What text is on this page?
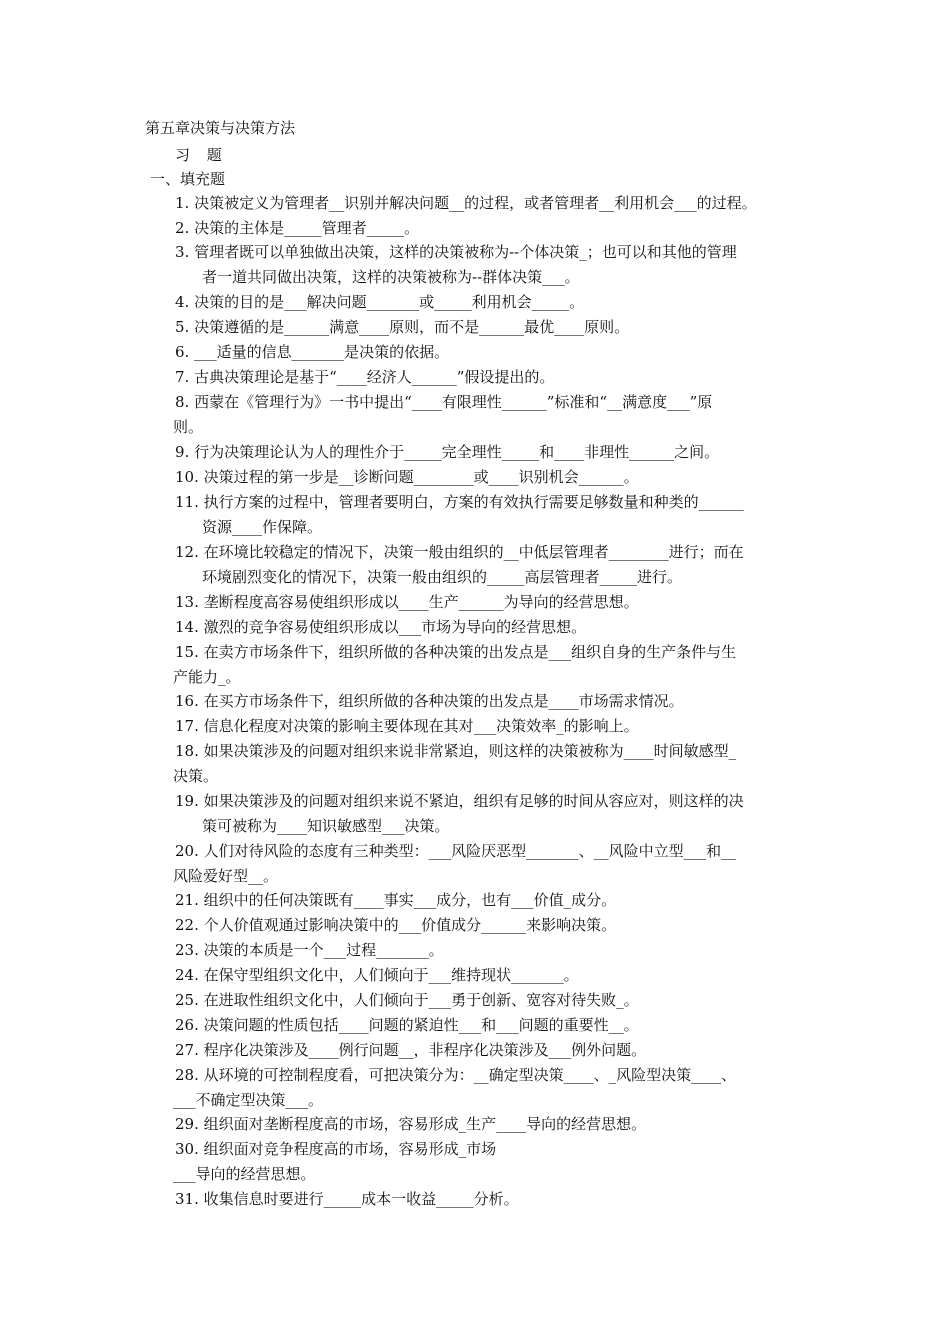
第五章决策与决策方法
习 题
一、填充题
1. 决策被定义为管理者__识别并解决问题__的过程，或者管理者__利用机会___的过程。
2. 决策的主体是_____管理者_____。
3. 管理者既可以单独做出决策，这样的决策被称为--个体决策_；也可以和其他的管理
者一道共同做出决策，这样的决策被称为--群体决策___。
4. 决策的目的是___解决问题_______或_____利用机会_____。
5. 决策遵循的是______满意____原则，而不是______最优____原则。
6. ___适量的信息_______是决策的依据。
7. 古典决策理论是基于“____经济人______”假设提出的。
8. 西蒙在《管理行为》一书中提出“____有限理性______”标准和“__满意度___”原
则。
9. 行为决策理论认为人的理性介于_____完全理性_____和____非理性______之间。
10. 决策过程的第一步是__诊断问题________或____识别机会______。
11. 执行方案的过程中，管理者要明白，方案的有效执行需要足够数量和种类的______
资源____作保障。
12. 在环境比较稳定的情况下，决策一般由组织的__中低层管理者________进行；而在
环境剧烈变化的情况下，决策一般由组织的_____高层管理者_____进行。
13. 垄断程度高容易使组织形成以____生产______为导向的经营思想。
14. 激烈的竞争容易使组织形成以___市场为导向的经营思想。
15. 在卖方市场条件下，组织所做的各种决策的出发点是___组织自身的生产条件与生
产能力_。
16. 在买方市场条件下，组织所做的各种决策的出发点是____市场需求情况。
17. 信息化程度对决策的影响主要体现在其对___决策效率_的影响上。
18. 如果决策涉及的问题对组织来说非常紧迫，则这样的决策被称为____时间敏感型_
决策。
19. 如果决策涉及的问题对组织来说不紧迫，组织有足够的时间从容应对，则这样的决
策可被称为____知识敏感型___决策。
20. 人们对待风险的态度有三种类型：___风险厌恶型_______、__风险中立型___和__
风险爱好型__。
21. 组织中的任何决策既有____事实___成分，也有___价值_成分。
22. 个人价值观通过影响决策中的___价值成分______来影响决策。
23. 决策的本质是一个___过程_______。
24. 在保守型组织文化中，人们倾向于___维持现状_______。
25. 在进取性组织文化中，人们倾向于___勇于创新、宽容对待失败_。
26. 决策问题的性质包括____问题的紧迫性___和___问题的重要性__。
27. 程序化决策涉及____例行问题__，非程序化决策涉及___例外问题。
28. 从环境的可控制程度看，可把决策分为：__确定型决策____、_风险型决策____、
___不确定型决策___。
29. 组织面对垄断程度高的市场，容易形成_生产____导向的经营思想。
30. 组织面对竞争程度高的市场，容易形成_市场
___导向的经营思想。
31. 收集信息时要进行_____成本一收益_____分析。
